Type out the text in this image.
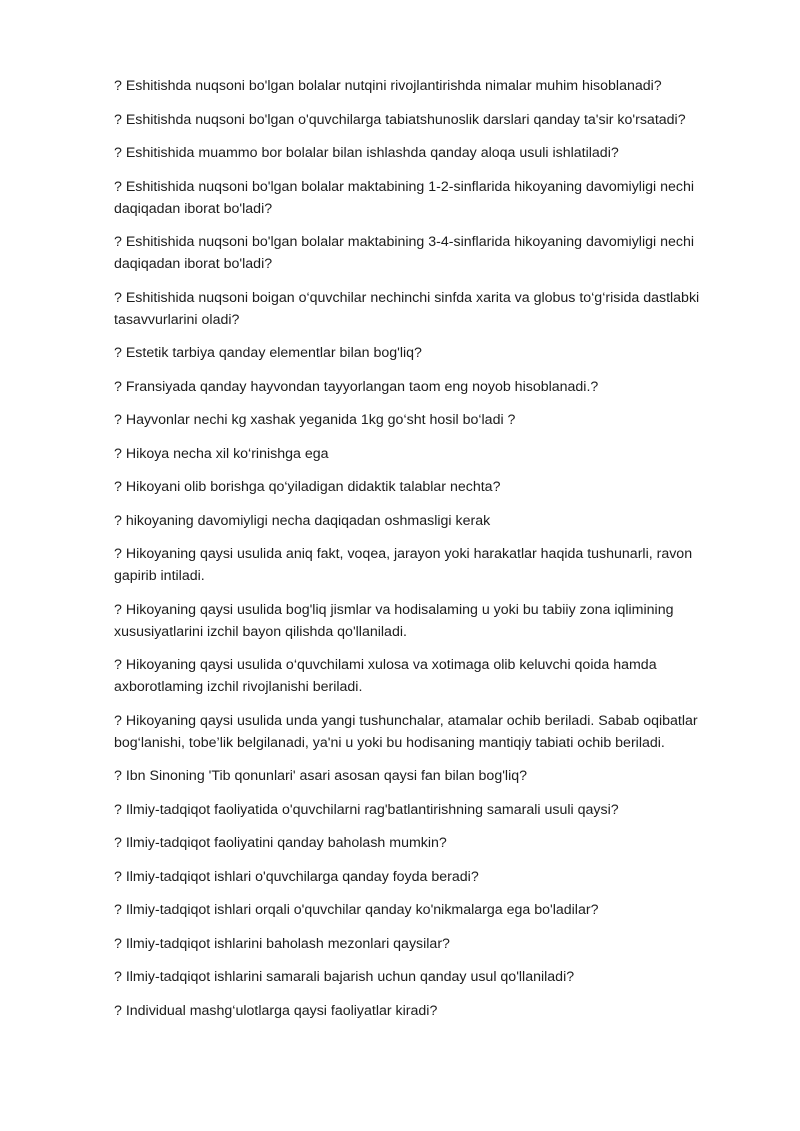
? Eshitishda nuqsoni bo'lgan bolalar nutqini rivojlantirishda nimalar muhim hisoblanadi?

? Eshitishda nuqsoni bo'lgan o'quvchilarga tabiatshunoslik darslari qanday ta'sir ko'rsatadi?

? Eshitishida muammo bor bolalar bilan ishlashda qanday aloqa usuli ishlatiladi?

? Eshitishida nuqsoni bo'lgan bolalar maktabining 1-2-sinflarida hikoyaning davomiyligi nechi daqiqadan iborat bo'ladi?

? Eshitishida nuqsoni bo'lgan bolalar maktabining 3-4-sinflarida hikoyaning davomiyligi nechi daqiqadan iborat bo'ladi?

? Eshitishida nuqsoni boigan o‘quvchilar nechinchi sinfda xarita va globus to‘g‘risida dastlabki tasavvurlarini oladi?

? Estetik tarbiya qanday elementlar bilan bog'liq?

? Fransiyada qanday hayvondan tayyorlangan taom eng noyob hisoblanadi.?

? Hayvonlar nechi kg xashak yeganida 1kg go‘sht hosil bo‘ladi ?

? Hikoya necha xil ko‘rinishga ega

? Hikoyani olib borishga qo‘yiladigan didaktik talablar nechta?

? hikoyaning davomiyligi necha daqiqadan oshmasligi kerak

? Hikoyaning qaysi usulida aniq fakt, voqea, jarayon yoki harakatlar haqida tushunarli, ravon gapirib intiladi.

? Hikoyaning qaysi usulida bog'liq jismlar va hodisalaming u yoki bu tabiiy zona iqlimining xususiyatlarini izchil bayon qilishda qo'llaniladi.

? Hikoyaning qaysi usulida o‘quvchilami xulosa va xotimaga olib keluvchi qoida hamda axborotlaming izchil rivojlanishi beriladi.

? Hikoyaning qaysi usulida unda yangi tushunchalar, atamalar ochib beriladi. Sabab oqibatlar bog‘lanishi, tobe’lik belgilanadi, ya'ni u yoki bu hodisaning mantiqiy tabiati ochib beriladi.

? Ibn Sinoning 'Tib qonunlari' asari asosan qaysi fan bilan bog'liq?

? Ilmiy-tadqiqot faoliyatida o'quvchilarni rag'batlantirishning samarali usuli qaysi?

? Ilmiy-tadqiqot faoliyatini qanday baholash mumkin?

? Ilmiy-tadqiqot ishlari o'quvchilarga qanday foyda beradi?

? Ilmiy-tadqiqot ishlari orqali o'quvchilar qanday ko'nikmalarga ega bo'ladilar?

? Ilmiy-tadqiqot ishlarini baholash mezonlari qaysilar?

? Ilmiy-tadqiqot ishlarini samarali bajarish uchun qanday usul qo'llaniladi?

? Individual mashg‘ulotlarga qaysi faoliyatlar kiradi?
